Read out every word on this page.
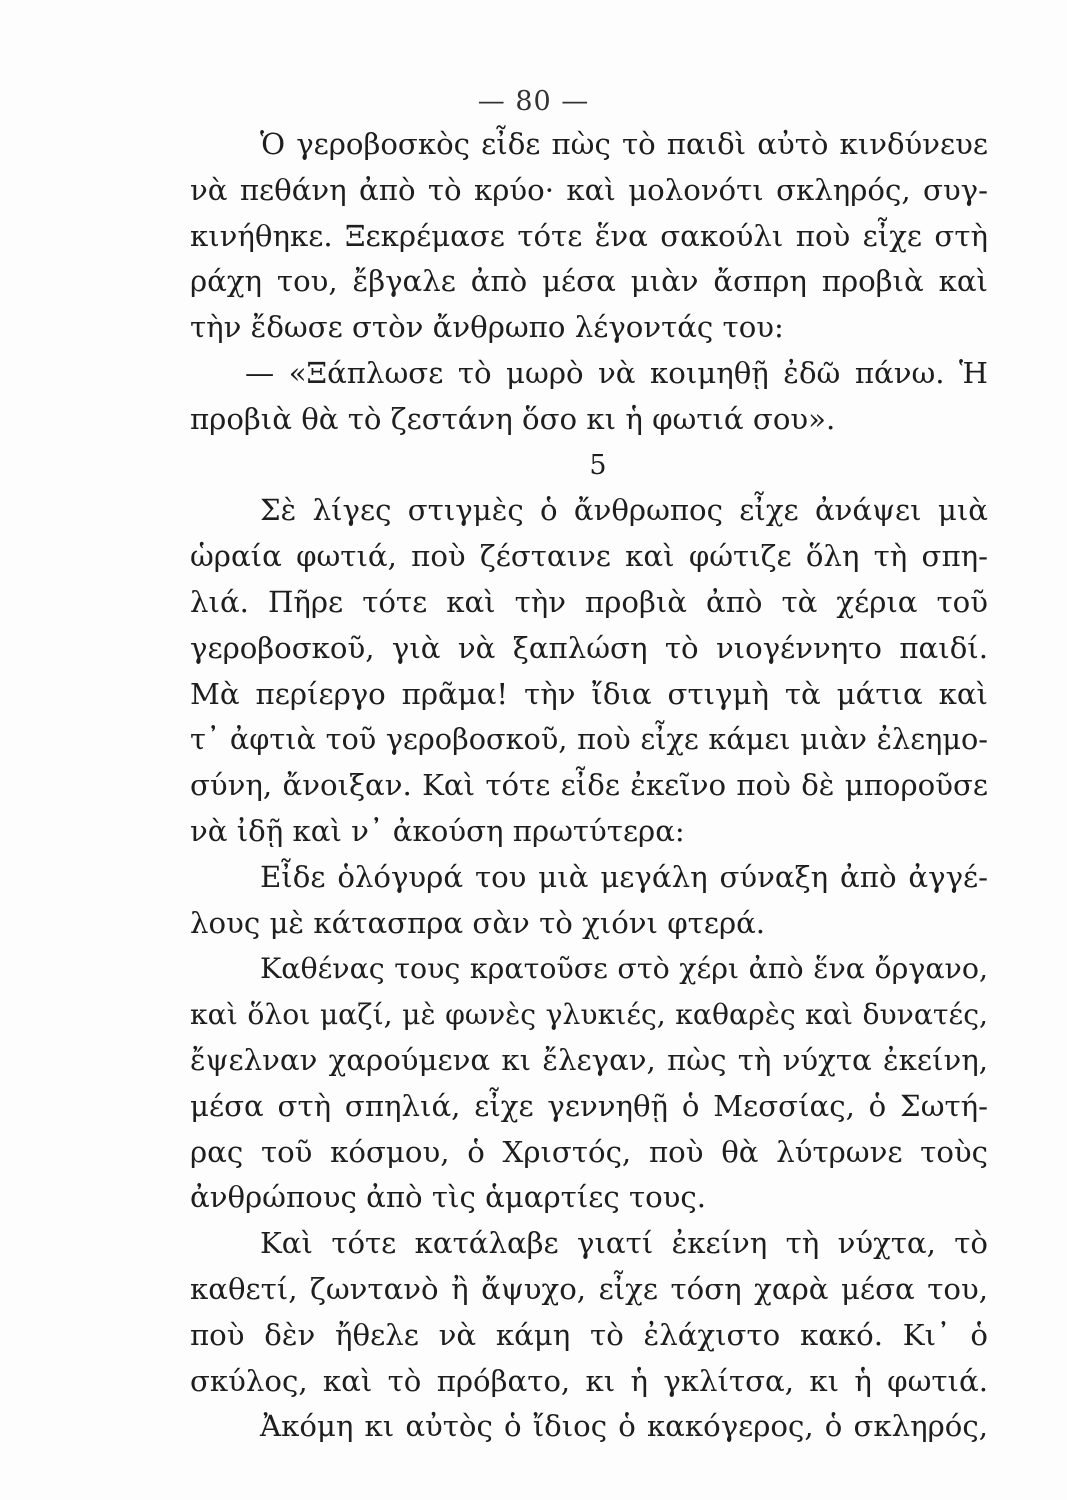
— 80 —
Ὁ γεροβοσκὸς εἶδε πὼς τὸ παιδὶ αὐτὸ κινδύνευε
νὰ πεθάνη ἀπὸ τὸ κρύο· καὶ μολονότι σκληρός, συγ-
κινήθηκε. Ξεκρέμασε τότε ἕνα σακούλι ποὺ εἶχε στὴ
ράχη του, ἔβγαλε ἀπὸ μέσα μιὰν ἄσπρη προβιὰ καὶ
τὴν ἔδωσε στὸν ἄνθρωπο λέγοντάς του:
— «Ξάπλωσε τὸ μωρὸ νὰ κοιμηθῇ ἐδῶ πάνω. Ἡ
προβιὰ θὰ τὸ ζεστάνη ὅσο κι ἡ φωτιά σου».
5
Σὲ λίγες στιγμὲς ὁ ἄνθρωπος εἶχε ἀνάψει μιὰ
ὡραία φωτιά, ποὺ ζέσταινε καὶ φώτιζε ὅλη τὴ σπη-
λιά. Πῆρε τότε καὶ τὴν προβιὰ ἀπὸ τὰ χέρια τοῦ
γεροβοσκοῦ, γιὰ νὰ ξαπλώση τὸ νιογέννητο παιδί.
Μὰ περίεργο πρᾶμα! τὴν ἴδια στιγμὴ τὰ μάτια καὶ
τ᾽ ἀφτιὰ τοῦ γεροβοσκοῦ, ποὺ εἶχε κάμει μιὰν ἐλεημο-
σύνη, ἄνοιξαν. Καὶ τότε εἶδε ἐκεῖνο ποὺ δὲ μποροῦσε
νὰ ἰδῇ καὶ ν᾽ ἀκούση πρωτύτερα:
Εἶδε ὁλόγυρά του μιὰ μεγάλη σύναξη ἀπὸ ἀγγέ-
λους μὲ κάτασπρα σὰν τὸ χιόνι φτερά.
Καθένας τους κρατοῦσε στὸ χέρι ἀπὸ ἕνα ὄργανο,
καὶ ὅλοι μαζί, μὲ φωνὲς γλυκιές, καθαρὲς καὶ δυνατές,
ἔψελναν χαρούμενα κι ἔλεγαν, πὼς τὴ νύχτα ἐκείνη,
μέσα στὴ σπηλιά, εἶχε γεννηθῇ ὁ Μεσσίας, ὁ Σωτή-
ρας τοῦ κόσμου, ὁ Χριστός, ποὺ θὰ λύτρωνε τοὺς
ἀνθρώπους ἀπὸ τὶς ἁμαρτίες τους.
Καὶ τότε κατάλαβε γιατί ἐκείνη τὴ νύχτα, τὸ
καθετί, ζωντανὸ ἢ ἄψυχο, εἶχε τόση χαρὰ μέσα του,
ποὺ δὲν ἤθελε νὰ κάμη τὸ ἐλάχιστο κακό. Κι᾽ ὁ
σκύλος, καὶ τὸ πρόβατο, κι ἡ γκλίτσα, κι ἡ φωτιά.
Ἀκόμη κι αὐτὸς ὁ ἴδιος ὁ κακόγερος, ὁ σκληρός,
